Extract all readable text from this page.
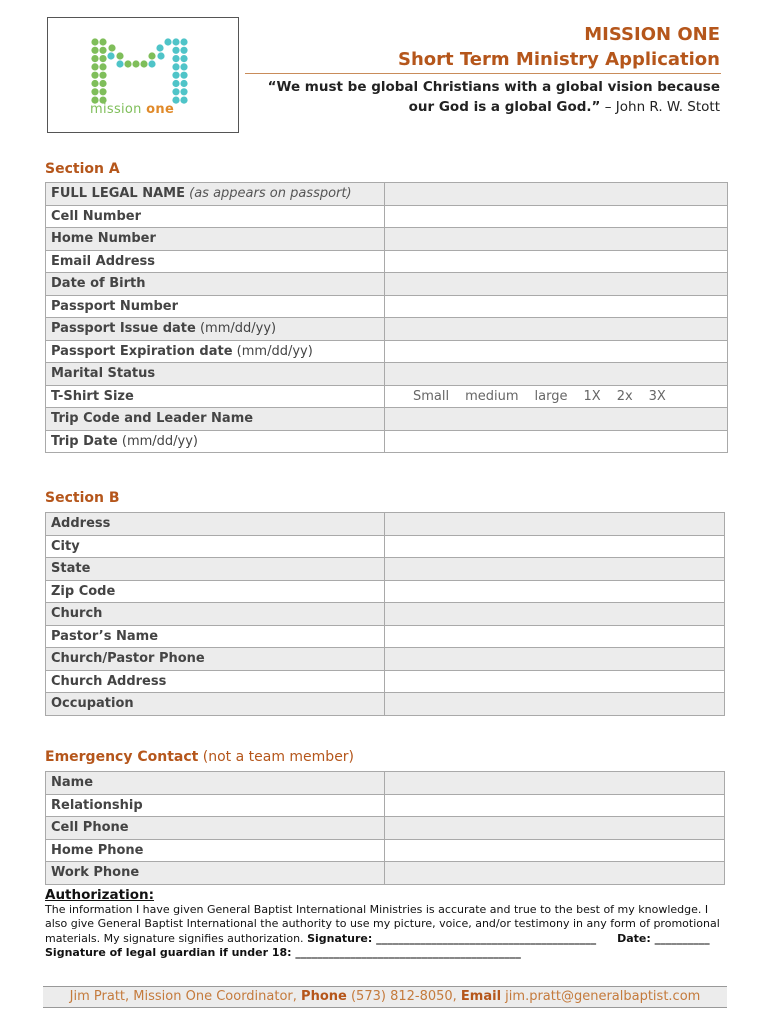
mission one
MISSION ONE
Short Term Ministry Application
“We must be global Christians with a global vision because our God is a global God.” – John R. W. Stott
Section A
FULL LEGAL NAME (as appears on passport)	
Cell Number	
Home Number	
Email Address	
Date of Birth	
Passport Number	
Passport Issue date (mm/dd/yy)	
Passport Expiration date (mm/dd/yy)	
Marital Status	
T-Shirt Size	Small medium large 1X 2x 3X
Trip Code and Leader Name	
Trip Date (mm/dd/yy)	
Section B
Address	
City	
State	
Zip Code	
Church	
Pastor’s Name	
Church/Pastor Phone	
Church Address	
Occupation	
Emergency Contact (not a team member)
Name	
Relationship	
Cell Phone	
Home Phone	
Work Phone	
Authorization:
The information I have given General Baptist International Ministries is accurate and true to the best of my knowledge. I also give General Baptist International the authority to use my picture, voice, and/or testimony in any form of promotional materials. My signature signifies authorization. Signature: ________________________________________ Date: __________
Signature of legal guardian if under 18: _________________________________________
Jim Pratt, Mission One Coordinator, Phone (573) 812-8050, Email jim.pratt@generalbaptist.com
